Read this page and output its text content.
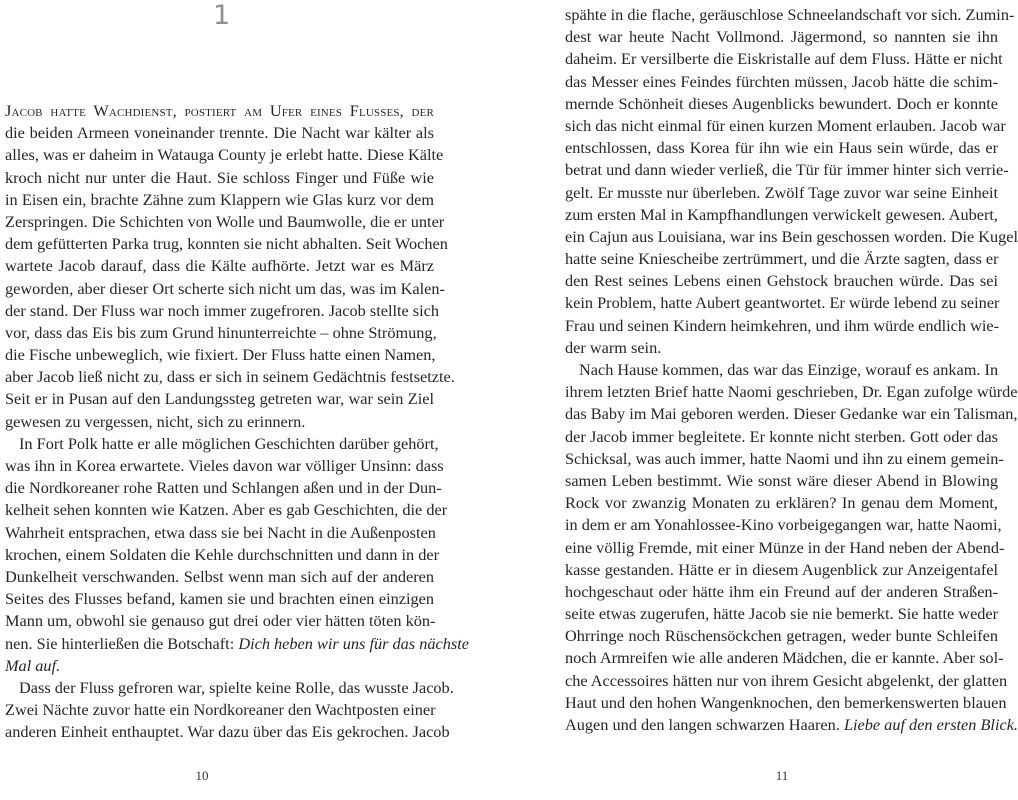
1
Jacob hatte Wachdienst, postiert am Ufer eines Flusses, der
die beiden Armeen voneinander trennte. Die Nacht war kälter als
alles, was er daheim in Watauga County je erlebt hatte. Diese Kälte
kroch nicht nur unter die Haut. Sie schloss Finger und Füße wie
in Eisen ein, brachte Zähne zum Klappern wie Glas kurz vor dem
Zerspringen. Die Schichten von Wolle und Baumwolle, die er unter
dem gefütterten Parka trug, konnten sie nicht abhalten. Seit Wochen
wartete Jacob darauf, dass die Kälte aufhörte. Jetzt war es März
geworden, aber dieser Ort scherte sich nicht um das, was im Kalen-
der stand. Der Fluss war noch immer zugefroren. Jacob stellte sich
vor, dass das Eis bis zum Grund hinunterreichte – ohne Strömung,
die Fische unbeweglich, wie fixiert. Der Fluss hatte einen Namen,
aber Jacob ließ nicht zu, dass er sich in seinem Gedächtnis festsetzte.
Seit er in Pusan auf den Landungssteg getreten war, war sein Ziel
gewesen zu vergessen, nicht, sich zu erinnern.
In Fort Polk hatte er alle möglichen Geschichten darüber gehört,
was ihn in Korea erwartete. Vieles davon war völliger Unsinn: dass
die Nordkoreaner rohe Ratten und Schlangen aßen und in der Dun-
kelheit sehen konnten wie Katzen. Aber es gab Geschichten, die der
Wahrheit entsprachen, etwa dass sie bei Nacht in die Außenposten
krochen, einem Soldaten die Kehle durchschnitten und dann in der
Dunkelheit verschwanden. Selbst wenn man sich auf der anderen
Seites des Flusses befand, kamen sie und brachten einen einzigen
Mann um, obwohl sie genauso gut drei oder vier hätten töten kön-
nen. Sie hinterließen die Botschaft: Dich heben wir uns für das nächste
Mal auf.
Dass der Fluss gefroren war, spielte keine Rolle, das wusste Jacob.
Zwei Nächte zuvor hatte ein Nordkoreaner den Wachtposten einer
anderen Einheit enthauptet. War dazu über das Eis gekrochen. Jacob
10
spähte in die flache, geräuschlose Schneelandschaft vor sich. Zumin-
dest war heute Nacht Vollmond. Jägermond, so nannten sie ihn
daheim. Er versilberte die Eiskristalle auf dem Fluss. Hätte er nicht
das Messer eines Feindes fürchten müssen, Jacob hätte die schim-
mernde Schönheit dieses Augenblicks bewundert. Doch er konnte
sich das nicht einmal für einen kurzen Moment erlauben. Jacob war
entschlossen, dass Korea für ihn wie ein Haus sein würde, das er
betrat und dann wieder verließ, die Tür für immer hinter sich verrie-
gelt. Er musste nur überleben. Zwölf Tage zuvor war seine Einheit
zum ersten Mal in Kampfhandlungen verwickelt gewesen. Aubert,
ein Cajun aus Louisiana, war ins Bein geschossen worden. Die Kugel
hatte seine Kniescheibe zertrümmert, und die Ärzte sagten, dass er
den Rest seines Lebens einen Gehstock brauchen würde. Das sei
kein Problem, hatte Aubert geantwortet. Er würde lebend zu seiner
Frau und seinen Kindern heimkehren, und ihm würde endlich wie-
der warm sein.
Nach Hause kommen, das war das Einzige, worauf es ankam. In
ihrem letzten Brief hatte Naomi geschrieben, Dr. Egan zufolge würde
das Baby im Mai geboren werden. Dieser Gedanke war ein Talisman,
der Jacob immer begleitete. Er konnte nicht sterben. Gott oder das
Schicksal, was auch immer, hatte Naomi und ihn zu einem gemein-
samen Leben bestimmt. Wie sonst wäre dieser Abend in Blowing
Rock vor zwanzig Monaten zu erklären? In genau dem Moment,
in dem er am Yonahlossee-Kino vorbeigegangen war, hatte Naomi,
eine völlig Fremde, mit einer Münze in der Hand neben der Abend-
kasse gestanden. Hätte er in diesem Augenblick zur Anzeigentafel
hochgeschaut oder hätte ihm ein Freund auf der anderen Straßen-
seite etwas zugerufen, hätte Jacob sie nie bemerkt. Sie hatte weder
Ohrringe noch Rüschensöckchen getragen, weder bunte Schleifen
noch Armreifen wie alle anderen Mädchen, die er kannte. Aber sol-
che Accessoires hätten nur von ihrem Gesicht abgelenkt, der glatten
Haut und den hohen Wangenknochen, den bemerkenswerten blauen
Augen und den langen schwarzen Haaren. Liebe auf den ersten Blick.
11
